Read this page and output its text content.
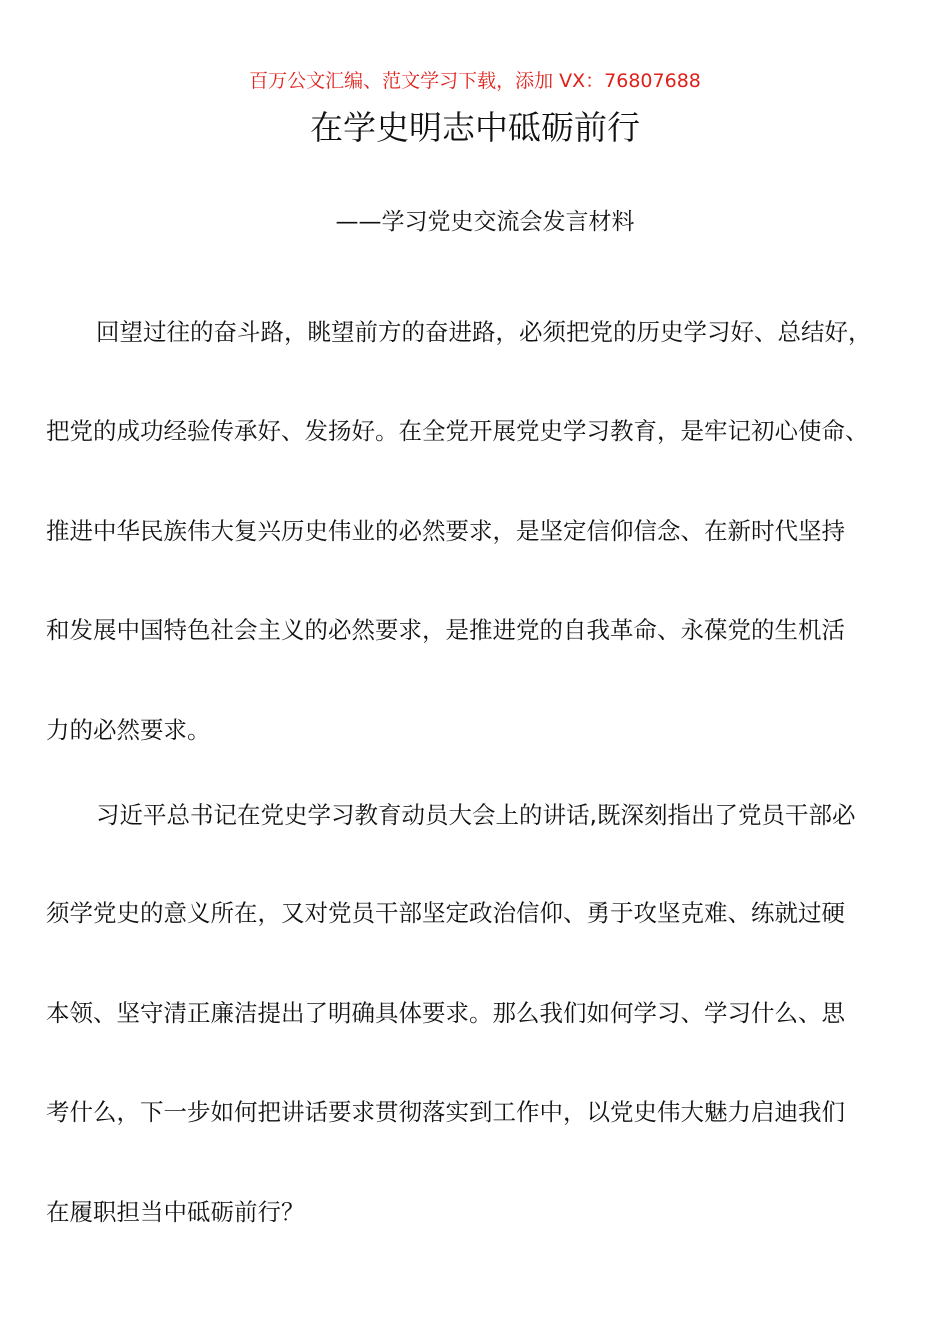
百万公文汇编、范文学习下载，添加 VX：76807688
在学史明志中砥砺前行
——学习党史交流会发言材料
回望过往的奋斗路，眺望前方的奋进路，必须把党的历史学习好、总结好，
把党的成功经验传承好、发扬好。在全党开展党史学习教育，是牢记初心使命、
推进中华民族伟大复兴历史伟业的必然要求，是坚定信仰信念、在新时代坚持
和发展中国特色社会主义的必然要求，是推进党的自我革命、永葆党的生机活
力的必然要求。
习近平总书记在党史学习教育动员大会上的讲话,既深刻指出了党员干部必
须学党史的意义所在，又对党员干部坚定政治信仰、勇于攻坚克难、练就过硬
本领、坚守清正廉洁提出了明确具体要求。那么我们如何学习、学习什么、思
考什么，下一步如何把讲话要求贯彻落实到工作中，以党史伟大魅力启迪我们
在履职担当中砥砺前行？
